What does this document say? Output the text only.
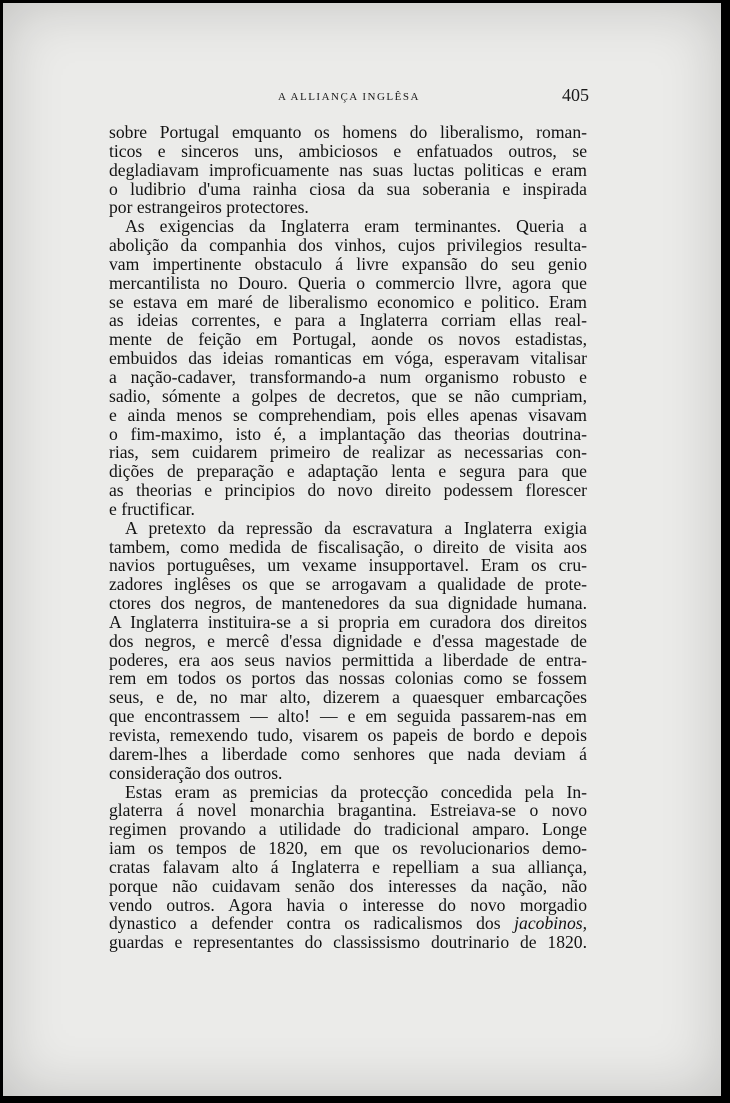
A ALLIANÇA INGLÊSA	405
sobre Portugal emquanto os homens do liberalismo, roman-
ticos e sinceros uns, ambiciosos e enfatuados outros, se
degladiavam improficuamente nas suas luctas politicas e eram
o ludibrio d'uma rainha ciosa da sua soberania e inspirada
por estrangeiros protectores.
As exigencias da Inglaterra eram terminantes. Queria a
abolição da companhia dos vinhos, cujos privilegios resulta-
vam impertinente obstaculo á livre expansão do seu genio
mercantilista no Douro. Queria o commercio llvre, agora que
se estava em maré de liberalismo economico e politico. Eram
as ideias correntes, e para a Inglaterra corriam ellas real-
mente de feição em Portugal, aonde os novos estadistas,
embuidos das ideias romanticas em vóga, esperavam vitalisar
a nação-cadaver, transformando-a num organismo robusto e
sadio, sómente a golpes de decretos, que se não cumpriam,
e ainda menos se comprehendiam, pois elles apenas visavam
o fim-maximo, isto é, a implantação das theorias doutrina-
rias, sem cuidarem primeiro de realizar as necessarias con-
dições de preparação e adaptação lenta e segura para que
as theorias e principios do novo direito podessem florescer
e fructificar.
A pretexto da repressão da escravatura a Inglaterra exigia
tambem, como medida de fiscalisação, o direito de visita aos
navios portuguêses, um vexame insupportavel. Eram os cru-
zadores inglêses os que se arrogavam a qualidade de prote-
ctores dos negros, de mantenedores da sua dignidade humana.
A Inglaterra instituira-se a si propria em curadora dos direitos
dos negros, e mercê d'essa dignidade e d'essa magestade de
poderes, era aos seus navios permittida a liberdade de entra-
rem em todos os portos das nossas colonias como se fossem
seus, e de, no mar alto, dizerem a quaesquer embarcações
que encontrassem — alto! — e em seguida passarem-nas em
revista, remexendo tudo, visarem os papeis de bordo e depois
darem-lhes a liberdade como senhores que nada deviam á
consideração dos outros.
Estas eram as premicias da protecção concedida pela In-
glaterra á novel monarchia bragantina. Estreiava-se o novo
regimen provando a utilidade do tradicional amparo. Longe
iam os tempos de 1820, em que os revolucionarios demo-
cratas falavam alto á Inglaterra e repelliam a sua alliança,
porque não cuidavam senão dos interesses da nação, não
vendo outros. Agora havia o interesse do novo morgadio
dynastico a defender contra os radicalismos dos jacobinos,
guardas e representantes do classissismo doutrinario de 1820.
